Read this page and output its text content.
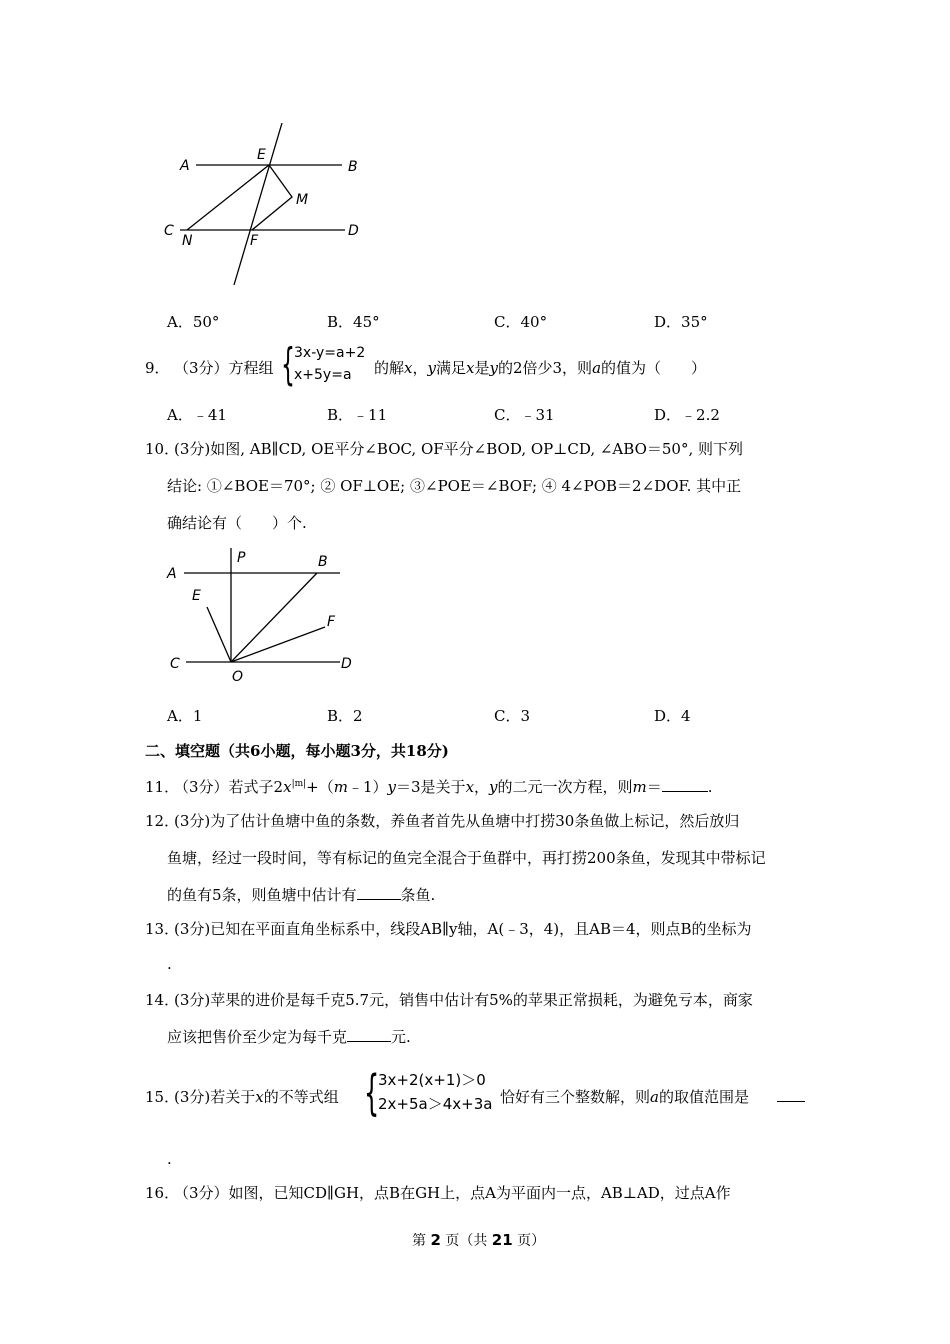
A
E
B
M
C
N	F
D
A．50°	B．45°	C．40°	D．35°
9． （3分）方程组 { 3x-y=a+2
x+5y=a	的解x，y满足x是y的2倍少3，则a的值为（　　）
A．﹣41	B．﹣11	C．﹣31	D．﹣2.2
10．
(3分)如图, AB∥CD, OE平分∠BOC, OF平分∠BOD, OP⊥CD, ∠ABO＝50°, 则下列
结论: ①∠BOE＝70°; ② OF⊥OE; ③∠POE＝∠BOF; ④ 4∠POB＝2∠DOF. 其中正
确结论有（　　）个.
A
P	B
E
F
C
O
D
A．1	B．2	C．3	D．4
二、填空题（共6小题，每小题3分，共18分)
11．
（3分）若式子$2x^{|m|}+(m﹣1)y=3$是关于x，y的二元一次方程，则m＝	.
12．
(3分)为了估计鱼塘中鱼的条数，养鱼者首先从鱼塘中打捞30条鱼做上标记，然后放归
鱼塘，经过一段时间，等有标记的鱼完全混合于鱼群中，再打捞200条鱼，发现其中带标记
的鱼有5条，则鱼塘中估计有	条鱼.
13．
(3分)已知在平面直角坐标系中，线段AB∥y轴，A(﹣3，4)，且AB＝4，则点B的坐标为
.
14．
(3分)苹果的进价是每千克5.7元，销售中估计有5%的苹果正常损耗，为避免亏本，商家
应该把售价至少定为每千克	元.
15．
(3分)若关于x的不等式组 {
3x+2(x+1)＞0
2x+5a＞4x+3a 恰好有三个整数解，则a的取值范围是
.
16．
（3分）如图，已知CD∥GH，点B在GH上，点A为平面内一点，AB⊥AD，过点A作
第 2 页（共 21 页）
